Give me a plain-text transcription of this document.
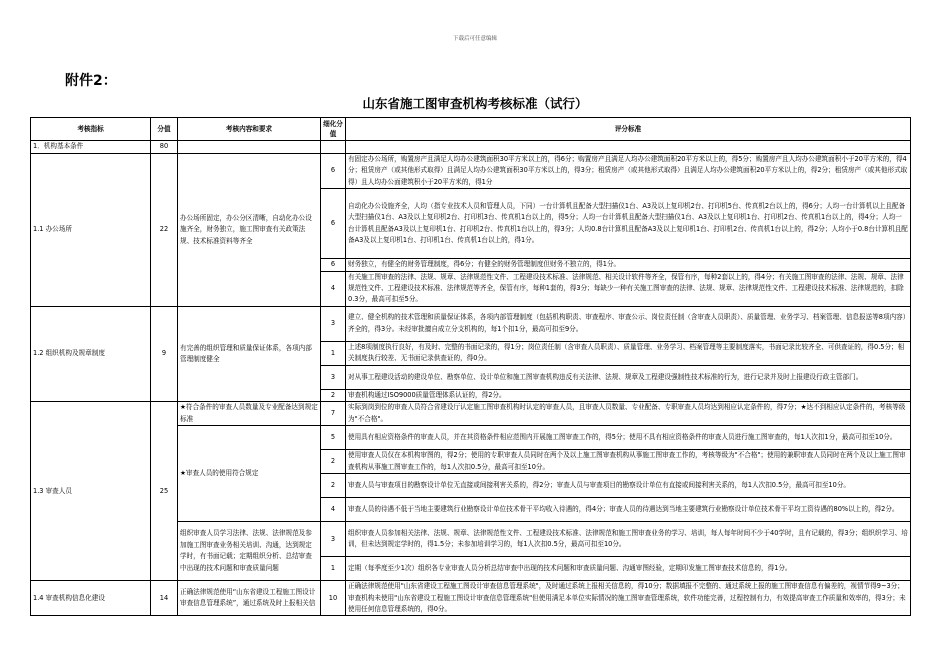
下载后可任意编辑
附件2：
山东省施工图审查机构考核标准（试行）
考核指标	分值	考核内容和要求	细化分值	评分标准
1．机构基本条件	80			
1.1 办公场所	22	办公场所固定，办公分区清晰，自动化办公设施齐全，财务独立，施工图审查有关政策法规、技术标准资料等齐全	6	有固定办公场所，购置房产且满足人均办公建筑面积30平方米以上的，得6分；购置房产且满足人均办公建筑面积20平方米以上的，得5分；购置房产且人均办公建筑面积小于20平方米的，得4分；租赁房产（或其他形式取得）且满足人均办公建筑面积30平方米以上的，得3分；租赁房产（或其他形式取得）且满足人均办公建筑面积20平方米以上的，得2分；租赁房产（或其他形式取得）且人均办公面建筑积小于20平方米的，得1分
			6	自动化办公设施齐全，人均（指专业技术人员和管理人员，下同）一台计算机且配备大型扫描仪1台、A3及以上复印机2台、打印机5台、传真机2台以上的，得6分；人均一台计算机以上且配备大型扫描仪1台、A3及以上复印机2台、打印机3台、传真机1台以上的，得5分；人均一台计算机且配备大型扫描仪1台、A3及以上复印机1台、打印机2台、传真机1台以上的，得4分；人均一台计算机且配备A3及以上复印机1台、打印机2台、传真机1台以上的，得3分；人均0.8台计算机且配备A3及以上复印机1台、打印机2台、传真机1台以上的，得2分；人均小于0.8台计算机且配备A3及以上复印机1台、打印机1台、传真机1台以上的，得1分。
			6	财务独立，有健全的财务管理制度，得6分；有健全的财务管理制度但财务不独立的，得1分。
			4	有关施工图审查的法律、法规、规章、法律规范性文件、工程建设技术标准、法律规范、相关设计软件等齐全，保管有序，每种2套以上的，得4分；有关施工图审查的法律、法规、规章、法律规范性文件、工程建设技术标准、法律规范等齐全，保管有序，每种1套的，得3分；每缺少一种有关施工图审查的法律、法规、规章、法律规范性文件、工程建设技术标准、法律规范的，扣除0.3分，最高可扣至5分。
1.2 组织机构及规章制度	9	有完善的组织管理和质量保证体系，各项内部管理制度健全	3	建立、健全机构的技术管理和质量保证体系，各项内部管理制度（包括机构职责、审查程序、审查公示、岗位责任制（含审查人员职责）、质量管理、业务学习、档案管理、信息报送等8项内容）齐全的，得3分。未经审批擅自成立分支机构的，每1个扣1分，最高可扣至9分。
			1	上述8项制度执行良好，有及时、完整的书面记录的，得1分；岗位责任制（含审查人员职责）、质量管理、业务学习、档案管理等主要制度落实，书面记录比较齐全、可供查证的，得0.5分；相关制度执行较差、无书面记录供查证的，得0分。
			3	对从事工程建设活动的建设单位、勘察单位、设计单位和施工图审查机构违反有关法律、法规、规章及工程建设强制性技术标准的行为，进行记录并及时上报建设行政主管部门。
			2	审查机构通过ISO9000质量管理体系认证的，得2分。
1.3 审查人员	25	★符合条件的审查人员数量及专业配备达到规定标准	7	实际到岗到位的审查人员符合省建设厅认定施工图审查机构时认定的审查人员，且审查人员数量、专业配备、专职审查人员均达到相应认定条件的，得7分；★达不到相应认定条件的，考核等级为"不合格"。
		★审查人员的使用符合规定	5	使用具有相应资格条件的审查人员，并在其资格条件相应范围内开展施工图审查工作的，得5分；使用不具有相应资格条件的审查人员进行施工图审查的，每1人次扣1分，最高可扣至10分。
			2	使用审查人员仅在本机构审图的，得2分；使用的专职审查人员同时在两个及以上施工图审查机构从事施工图审查工作的，考核等级为"不合格"；使用的兼职审查人员同时在两个及以上施工图审查机构从事施工图审查工作的，每1人次扣0.5分，最高可扣至10分。
			2	审查人员与审查项目的勘察设计单位无直接或间接利害关系的，得2分；审查人员与审查项目的勘察设计单位有直接或间接利害关系的，每1人次扣0.5分，最高可扣至10分。
			4	审查人员的待遇不低于当地主要建筑行业勘察设计单位技术骨干平均收入待遇的，得4分；审查人员的待遇达到当地主要建筑行业勘察设计单位技术骨干平均工资待遇的80%以上的，得2分。
		组织审查人员学习法律、法规、法律规范及参加施工图审查业务相关培训、沟通，达到规定学时，有书面记载；定期组织分析、总结审查中出现的技术问题和审查质量问题	3	组织审查人员参加相关法律、法规、规章、法律规范性文件、工程建设技术标准、法律规范和施工图审查业务的学习、培训，每人每年时间不少于40学时，且有记载的，得3分；组织织学习、培训，但未达到规定学时的，得1.5分；未参加培训学习的，每1人次扣0.5分，最高可扣至10分。
			1	定期（每季度至少1次）组织各专业审查人员分析总结审查中出现的技术问题和审查质量问题、沟通审图经验，定期印发施工图审查技术信息的，得1分。
1.4 审查机构信息化建设	14	正确法律规范使用“山东省建设工程施工图设计审查信息管理系统”，通过系统及时上报相关信	10	正确法律规范使用"山东省建设工程施工图设计审查信息管理系统"，及时通过系统上报相关信息的，得10分；数据填报不完整的、通过系统上报的施工图审查信息有偏差的，视情节得9~3分；审查机构未使用"山东省建设工程施工图设计审查信息管理系统"但使用满足本单位实际情况的施工图审查管理系统，软件功能完善，过程控制有力，有效提高审查工作质量和效率的，得3分；未使用任何信息管理系统的，得0分。
